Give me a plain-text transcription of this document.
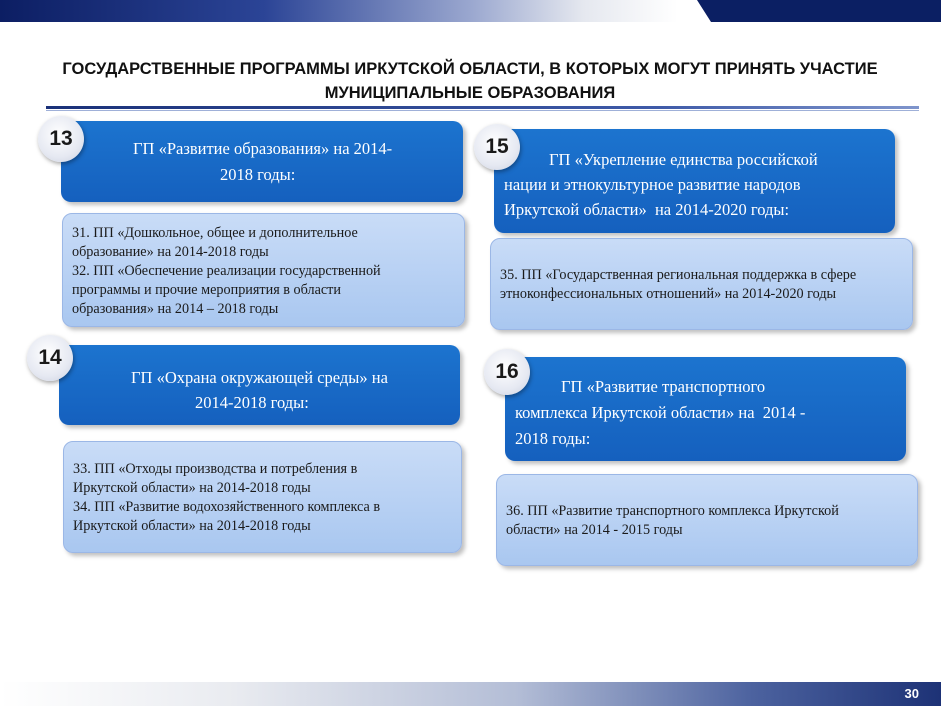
ГОСУДАРСТВЕННЫЕ ПРОГРАММЫ ИРКУТСКОЙ ОБЛАСТИ, В КОТОРЫХ МОГУТ ПРИНЯТЬ УЧАСТИЕ
МУНИЦИПАЛЬНЫЕ ОБРАЗОВАНИЯ
ГП «Развитие образования» на 2014-
2018 годы:
13
31. ПП «Дошкольное, общее и дополнительное
образование» на 2014-2018 годы
32. ПП «Обеспечение реализации государственной
программы и прочие мероприятия в области
образования» на 2014 – 2018 годы
ГП «Укрепление единства российской
нации и этнокультурное развитие народов
Иркутской области»  на 2014-2020 годы:
15
35. ПП «Государственная региональная поддержка в сфере
этноконфессиональных отношений» на 2014-2020 годы
ГП «Охрана окружающей среды» на
2014-2018 годы:
14
33. ПП «Отходы производства и потребления в
Иркутской области» на 2014-2018 годы
34. ПП «Развитие водохозяйственного комплекса в
Иркутской области» на 2014-2018 годы
ГП «Развитие транспортного
комплекса Иркутской области» на  2014 -
2018 годы:
16
36. ПП «Развитие транспортного комплекса Иркутской
области» на 2014 - 2015 годы
30
